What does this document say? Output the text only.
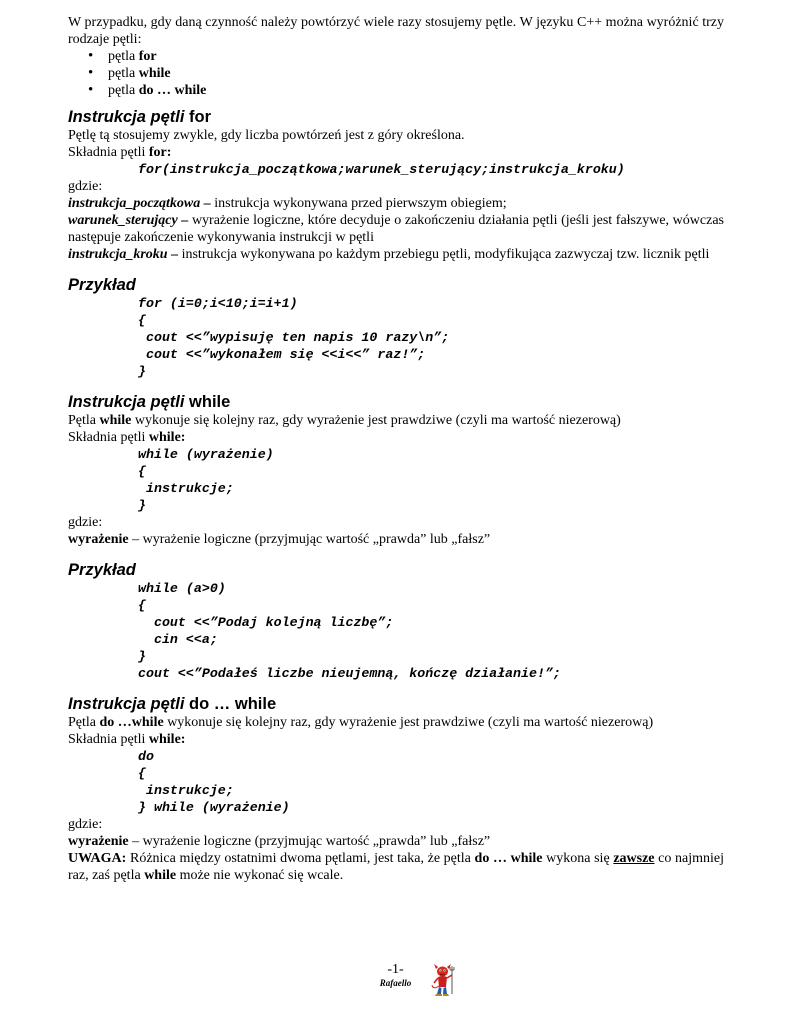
W przypadku, gdy daną czynność należy powtórzyć wiele razy stosujemy pętle. W języku C++ można wyróżnić trzy rodzaje pętli:

• pętla for
• pętla while
• pętla do … while
Instrukcja pętli for

Pętlę tą stosujemy zwykle, gdy liczba powtórzeń jest z góry określona.

Składnia pętli for:

for(instrukcja_początkowa;warunek_sterujący;instrukcja_kroku)

gdzie:

instrukcja_początkowa – instrukcja wykonywana przed pierwszym obiegiem;

warunek_sterujący – wyrażenie logiczne, które decyduje o zakończeniu działania pętli (jeśli jest fałszywe, wówczas następuje zakończenie wykonywania instrukcji w pętli

instrukcja_kroku – instrukcja wykonywana po każdym przebiegu pętli, modyfikująca zazwyczaj tzw. licznik pętli

Przykład

for (i=0;i<10;i=i+1)

{

cout <<”wypisuję ten napis 10 razy\n”;

cout <<”wykonałem się <<i<<” raz!”;

}

Instrukcja pętli while

Pętla while wykonuje się kolejny raz, gdy wyrażenie jest prawdziwe (czyli ma wartość niezerową)

Składnia pętli while:

while (wyrażenie)

{

instrukcje;

}

gdzie:

wyrażenie – wyrażenie logiczne (przyjmując wartość „prawda” lub „fałsz”

Przykład

while (a>0)

{

cout <<”Podaj kolejną liczbę”;

cin <<a;

}

cout <<”Podałeś liczbe nieujemną, kończę działanie!”;

Instrukcja pętli do … while

Pętla do …while wykonuje się kolejny raz, gdy wyrażenie jest prawdziwe (czyli ma wartość niezerową)

Składnia pętli while:

do

{

instrukcje;

} while (wyrażenie)

gdzie:

wyrażenie – wyrażenie logiczne (przyjmując wartość „prawda” lub „fałsz”

UWAGA: Różnica między ostatnimi dwoma pętlami, jest taka, że pętla do … while wykona się zawsze co najmniej raz, zaś pętla while może nie wykonać się wcale.

-1-
Rafaello
